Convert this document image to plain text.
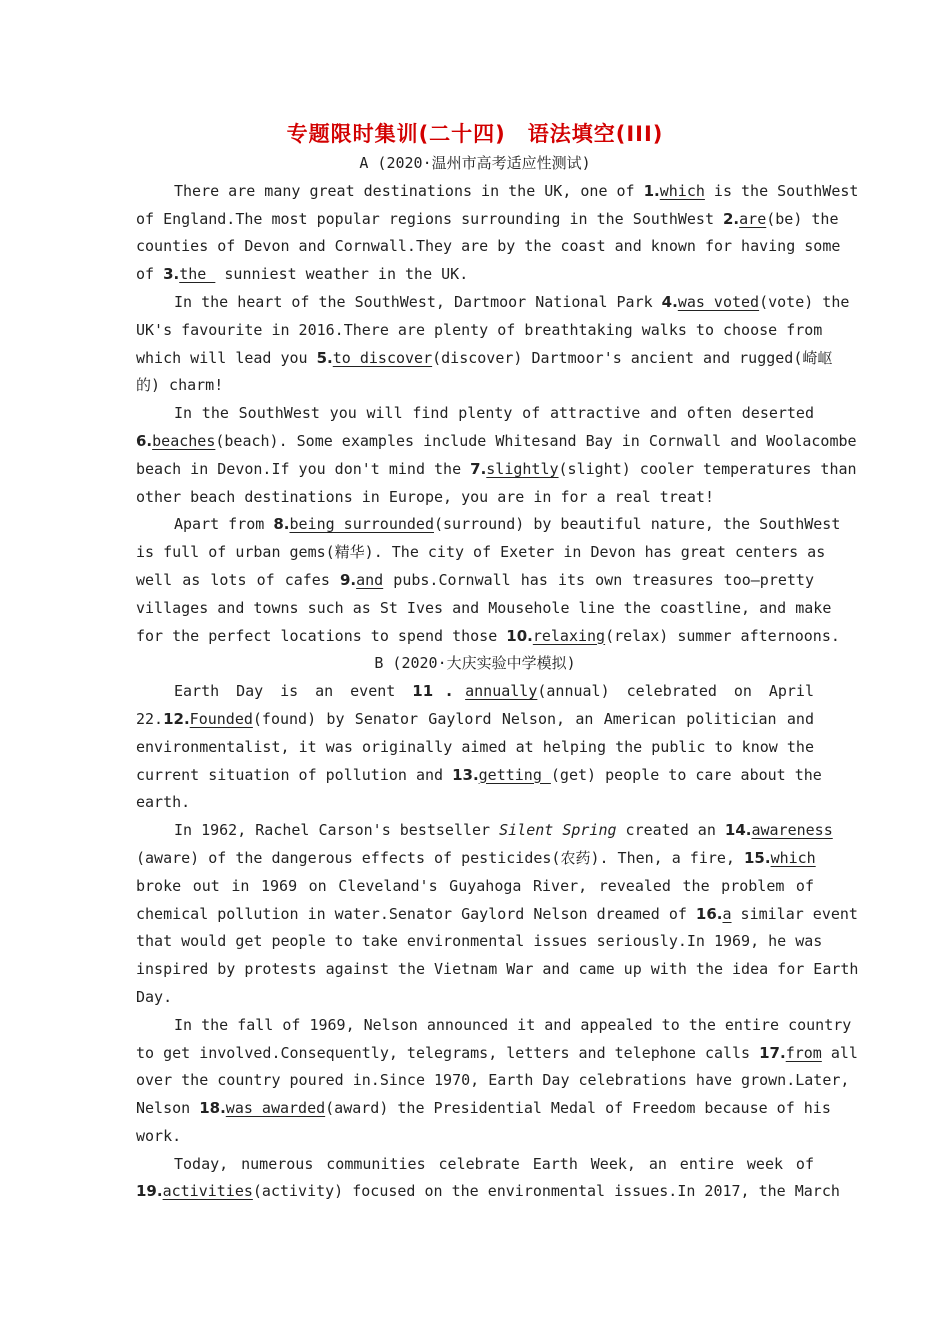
专题限时集训(二十四)　语法填空(III)
A (2020·温州市高考适应性测试)
There are many great destinations in the UK, one of 1.which is the SouthWest
of England.The most popular regions surrounding in the SouthWest 2.are(be) the
counties of Devon and Cornwall.They are by the coast and known for having some
of 3.the  sunniest weather in the UK.
In the heart of the SouthWest, Dartmoor National Park 4.was voted(vote) the
UK's favourite in 2016.There are plenty of breathtaking walks to choose from
which will lead you 5.to discover(discover) Dartmoor's ancient and rugged(崎岖
的) charm!
In the SouthWest you will find plenty of attractive and often deserted
6.beaches(beach). Some examples include Whitesand Bay in Cornwall and Woolacombe
beach in Devon.If you don't mind the 7.slightly(slight) cooler temperatures than
other beach destinations in Europe, you are in for a real treat!
Apart from 8.being surrounded(surround) by beautiful nature, the SouthWest
is full of urban gems(精华). The city of Exeter in Devon has great centers as
well as lots of cafes 9.and pubs.Cornwall has its own treasures too—pretty
villages and towns such as St Ives and Mousehole line the coastline, and make
for the perfect locations to spend those 10.relaxing(relax) summer afternoons.
B (2020·大庆实验中学模拟)
Earth Day is an event 11 . annually(annual) celebrated on April
22.12.Founded(found) by Senator Gaylord Nelson, an American politician and
environmentalist, it was originally aimed at helping the public to know the
current situation of pollution and 13.getting (get) people to care about the
earth.
In 1962, Rachel Carson's bestseller Silent Spring created an 14.awareness
(aware) of the dangerous effects of pesticides(农药). Then, a fire, 15.which
broke out in 1969 on Cleveland's Guyahoga River, revealed the problem of
chemical pollution in water.Senator Gaylord Nelson dreamed of 16.a similar event
that would get people to take environmental issues seriously.In 1969, he was
inspired by protests against the Vietnam War and came up with the idea for Earth
Day.
In the fall of 1969, Nelson announced it and appealed to the entire country
to get involved.Consequently, telegrams, letters and telephone calls 17.from all
over the country poured in.Since 1970, Earth Day celebrations have grown.Later,
Nelson 18.was awarded(award) the Presidential Medal of Freedom because of his
work.
Today, numerous communities celebrate Earth Week, an entire week of
19.activities(activity) focused on the environmental issues.In 2017, the March
